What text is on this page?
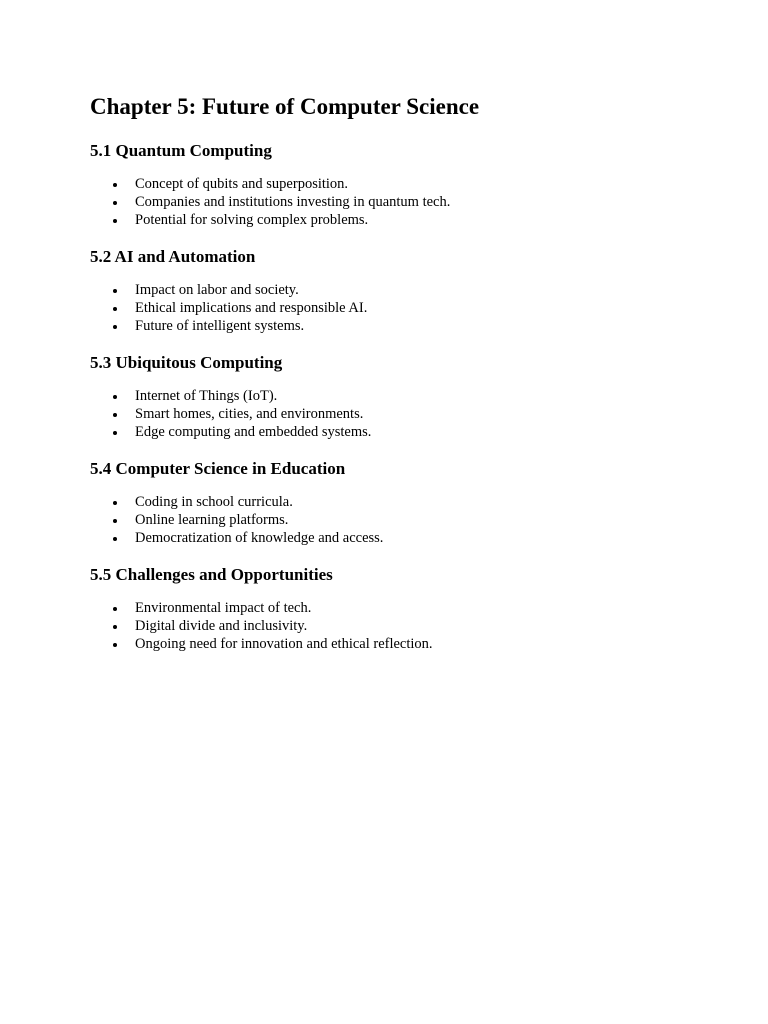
Chapter 5: Future of Computer Science
5.1 Quantum Computing
Concept of qubits and superposition.
Companies and institutions investing in quantum tech.
Potential for solving complex problems.
5.2 AI and Automation
Impact on labor and society.
Ethical implications and responsible AI.
Future of intelligent systems.
5.3 Ubiquitous Computing
Internet of Things (IoT).
Smart homes, cities, and environments.
Edge computing and embedded systems.
5.4 Computer Science in Education
Coding in school curricula.
Online learning platforms.
Democratization of knowledge and access.
5.5 Challenges and Opportunities
Environmental impact of tech.
Digital divide and inclusivity.
Ongoing need for innovation and ethical reflection.
